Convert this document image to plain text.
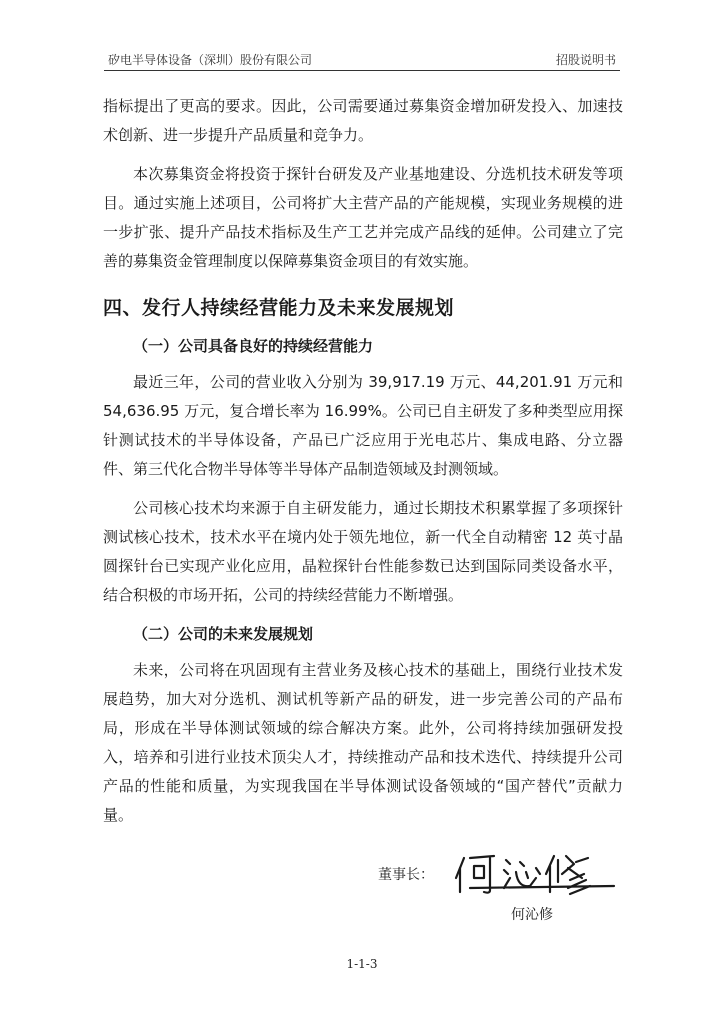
矽电半导体设备（深圳）股份有限公司	招股说明书

指标提出了更高的要求。因此，公司需要通过募集资金增加研发投入、加速技术创新、进一步提升产品质量和竞争力。

本次募集资金将投资于探针台研发及产业基地建设、分选机技术研发等项目。通过实施上述项目，公司将扩大主营产品的产能规模，实现业务规模的进一步扩张、提升产品技术指标及生产工艺并完成产品线的延伸。公司建立了完善的募集资金管理制度以保障募集资金项目的有效实施。

四、发行人持续经营能力及未来发展规划
（一）公司具备良好的持续经营能力

最近三年，公司的营业收入分别为 39,917.19 万元、44,201.91 万元和 54,636.95 万元，复合增长率为 16.99%。公司已自主研发了多种类型应用探针测试技术的半导体设备，产品已广泛应用于光电芯片、集成电路、分立器件、第三代化合物半导体等半导体产品制造领域及封测领域。

公司核心技术均来源于自主研发能力，通过长期技术积累掌握了多项探针测试核心技术，技术水平在境内处于领先地位，新一代全自动精密 12 英寸晶圆探针台已实现产业化应用，晶粒探针台性能参数已达到国际同类设备水平，结合积极的市场开拓，公司的持续经营能力不断增强。

（二）公司的未来发展规划

未来，公司将在巩固现有主营业务及核心技术的基础上，围绕行业技术发展趋势，加大对分选机、测试机等新产品的研发，进一步完善公司的产品布局，形成在半导体测试领域的综合解决方案。此外，公司将持续加强研发投入，培养和引进行业技术顶尖人才，持续推动产品和技术迭代、持续提升公司产品的性能和质量，为实现我国在半导体测试设备领域的“国产替代”贡献力量。

董事长：
何沁修
何沁修
1-1-3
